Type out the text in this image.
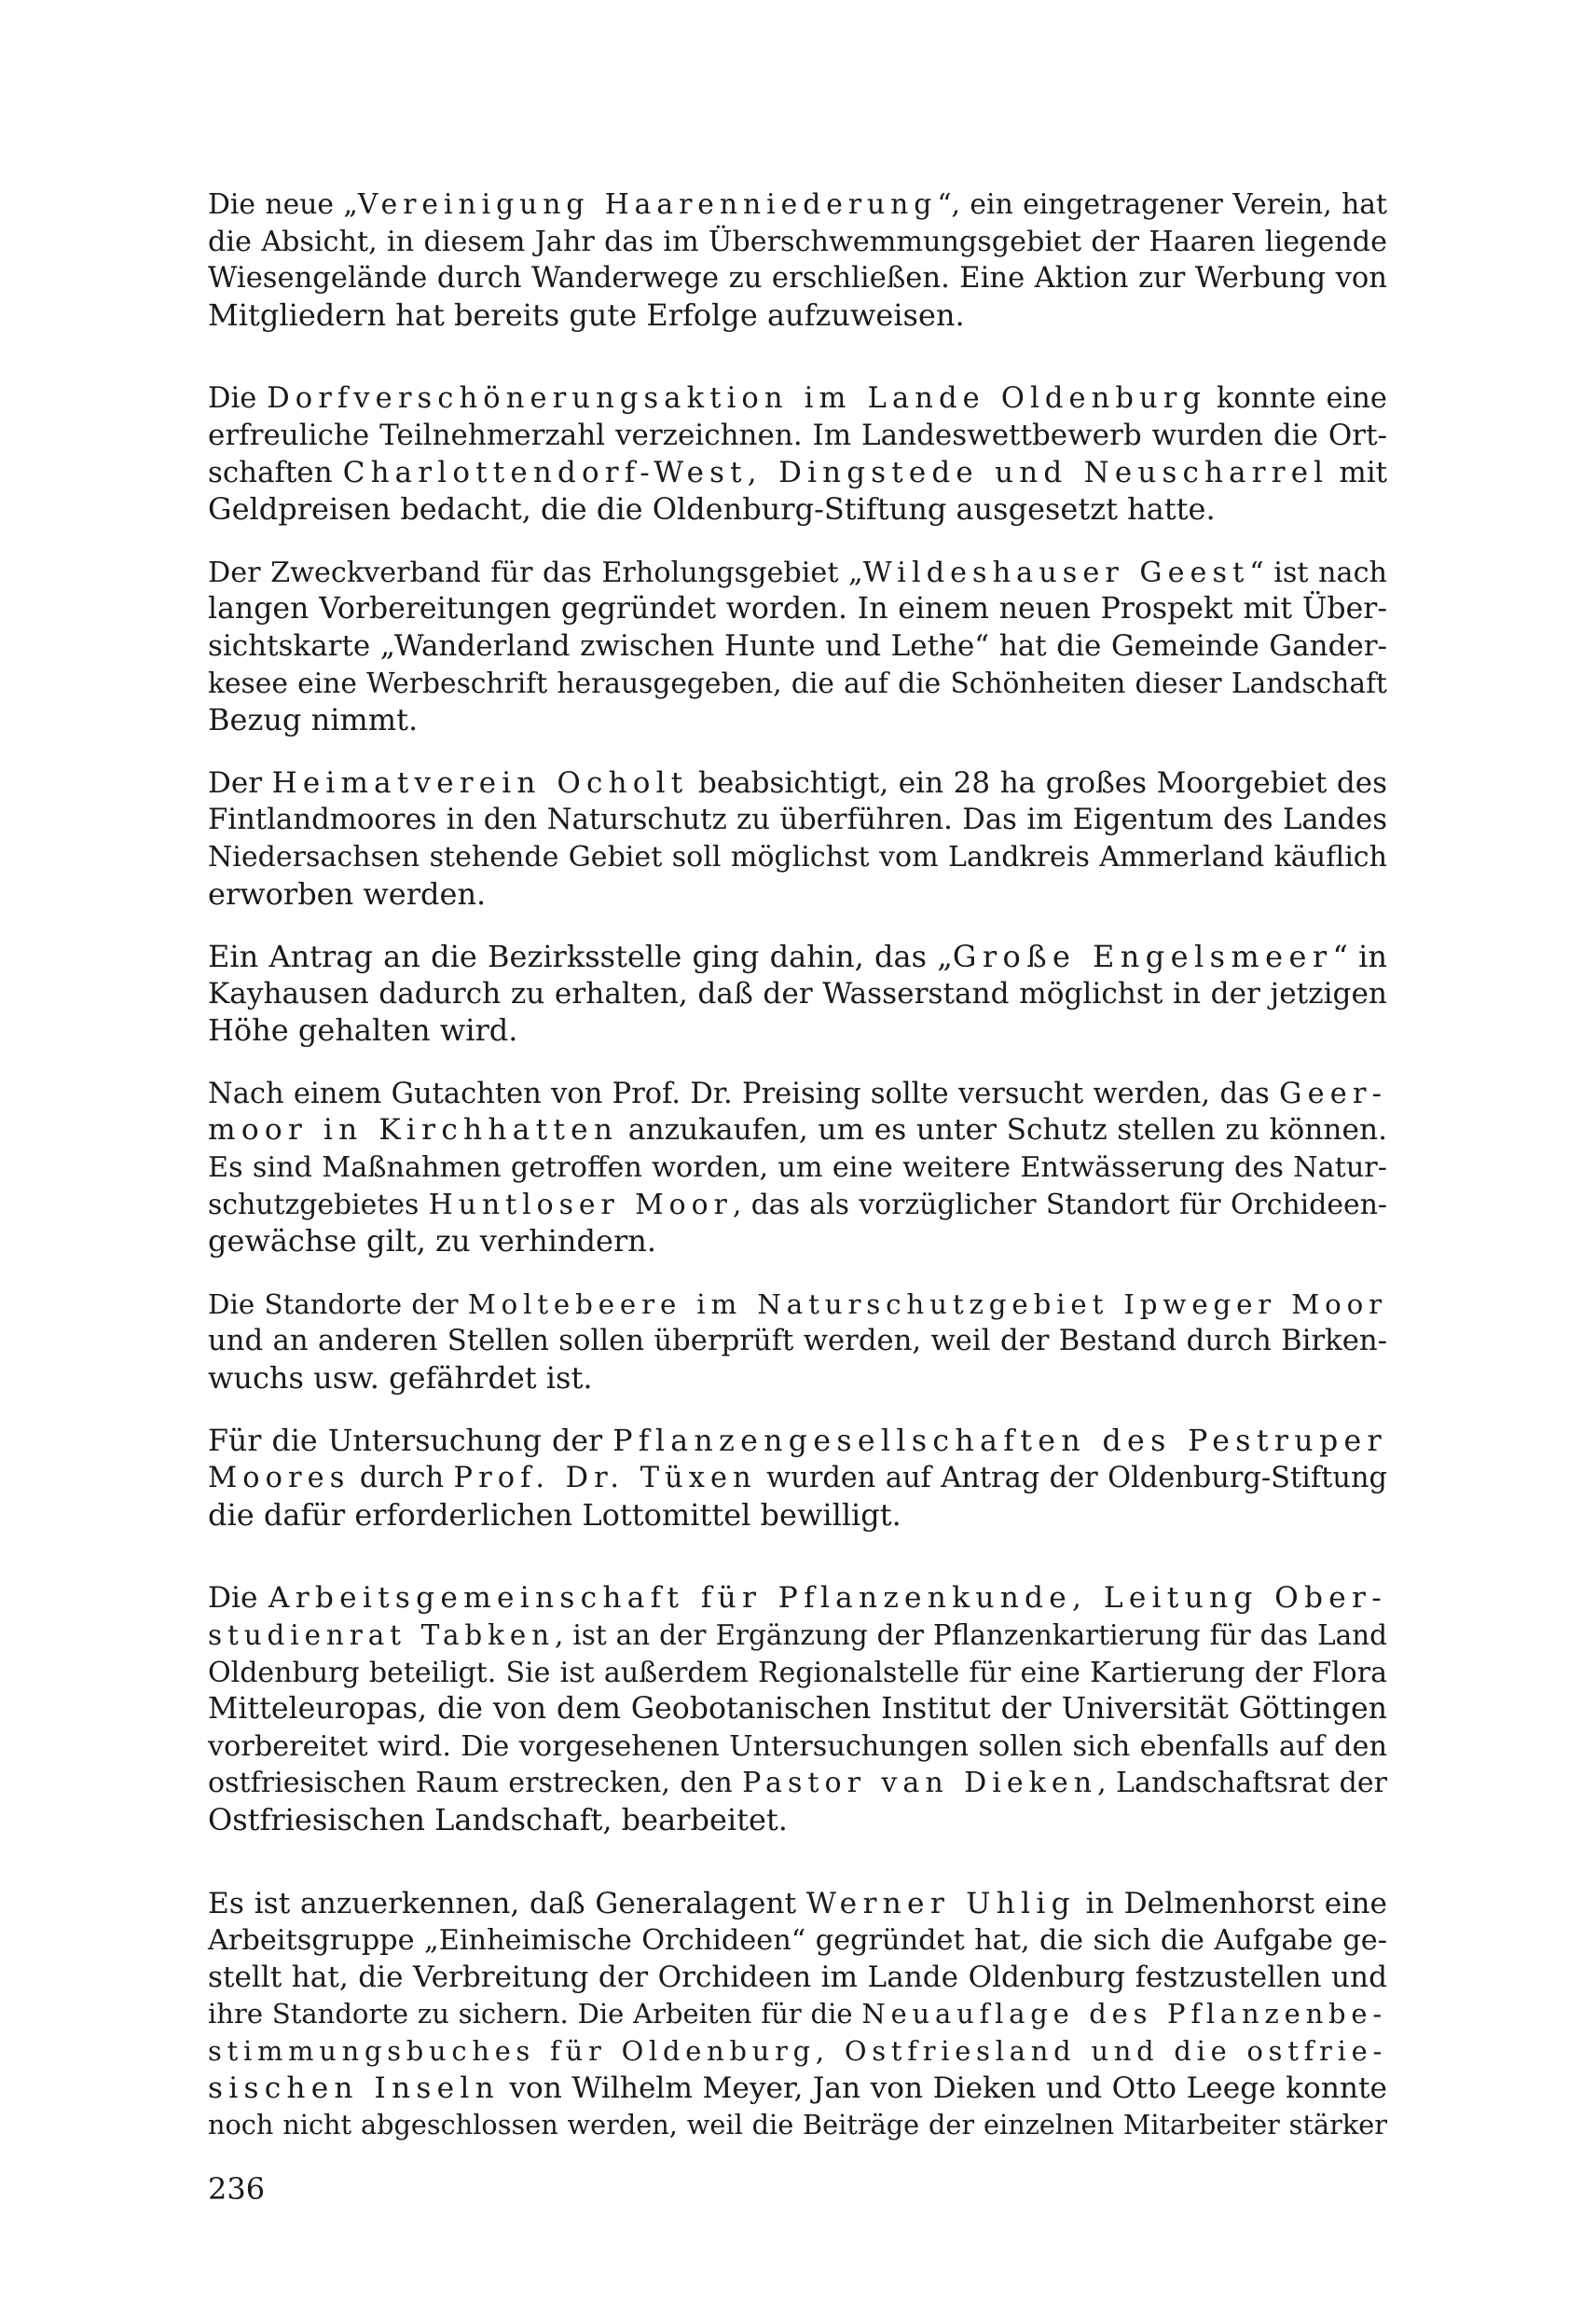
Die neue „Vereinigung Haarenniederung“, ein eingetragener Verein, hat
die Absicht, in diesem Jahr das im Überschwemmungsgebiet der Haaren liegende
Wiesengelände durch Wanderwege zu erschließen. Eine Aktion zur Werbung von
Mitgliedern hat bereits gute Erfolge aufzuweisen.
Die Dorfverschönerungsaktion im Lande Oldenburg konnte eine
erfreuliche Teilnehmerzahl verzeichnen. Im Landeswettbewerb wurden die Ort-
schaften Charlottendorf-West, Dingstede und Neuscharrel mit
Geldpreisen bedacht, die die Oldenburg-Stiftung ausgesetzt hatte.
Der Zweckverband für das Erholungsgebiet „Wildeshauser Geest“ ist nach
langen Vorbereitungen gegründet worden. In einem neuen Prospekt mit Über-
sichtskarte „Wanderland zwischen Hunte und Lethe“ hat die Gemeinde Gander-
kesee eine Werbeschrift herausgegeben, die auf die Schönheiten dieser Landschaft
Bezug nimmt.
Der Heimatverein Ocholt beabsichtigt, ein 28 ha großes Moorgebiet des
Fintlandmoores in den Naturschutz zu überführen. Das im Eigentum des Landes
Niedersachsen stehende Gebiet soll möglichst vom Landkreis Ammerland käuflich
erworben werden.
Ein Antrag an die Bezirksstelle ging dahin, das „Große Engelsmeer“ in
Kayhausen dadurch zu erhalten, daß der Wasserstand möglichst in der jetzigen
Höhe gehalten wird.
Nach einem Gutachten von Prof. Dr. Preising sollte versucht werden, das Geer-
moor in Kirchhatten anzukaufen, um es unter Schutz stellen zu können.
Es sind Maßnahmen getroffen worden, um eine weitere Entwässerung des Natur-
schutzgebietes Huntloser Moor, das als vorzüglicher Standort für Orchideen-
gewächse gilt, zu verhindern.
Die Standorte der Moltebeere im Naturschutzgebiet Ipweger Moor
und an anderen Stellen sollen überprüft werden, weil der Bestand durch Birken-
wuchs usw. gefährdet ist.
Für die Untersuchung der Pflanzengesellschaften des Pestruper
Moores durch Prof. Dr. Tüxen wurden auf Antrag der Oldenburg-Stiftung
die dafür erforderlichen Lottomittel bewilligt.
Die Arbeitsgemeinschaft für Pflanzenkunde, Leitung Ober-
studienrat Tabken, ist an der Ergänzung der Pflanzenkartierung für das Land
Oldenburg beteiligt. Sie ist außerdem Regionalstelle für eine Kartierung der Flora
Mitteleuropas, die von dem Geobotanischen Institut der Universität Göttingen
vorbereitet wird. Die vorgesehenen Untersuchungen sollen sich ebenfalls auf den
ostfriesischen Raum erstrecken, den Pastor van Dieken, Landschaftsrat der
Ostfriesischen Landschaft, bearbeitet.
Es ist anzuerkennen, daß Generalagent Werner Uhlig in Delmenhorst eine
Arbeitsgruppe „Einheimische Orchideen“ gegründet hat, die sich die Aufgabe ge-
stellt hat, die Verbreitung der Orchideen im Lande Oldenburg festzustellen und
ihre Standorte zu sichern. Die Arbeiten für die Neuauflage des Pflanzenbe-
stimmungsbuches für Oldenburg, Ostfriesland und die ostfrie-
sischen Inseln von Wilhelm Meyer, Jan von Dieken und Otto Leege konnte
noch nicht abgeschlossen werden, weil die Beiträge der einzelnen Mitarbeiter stärker
236
